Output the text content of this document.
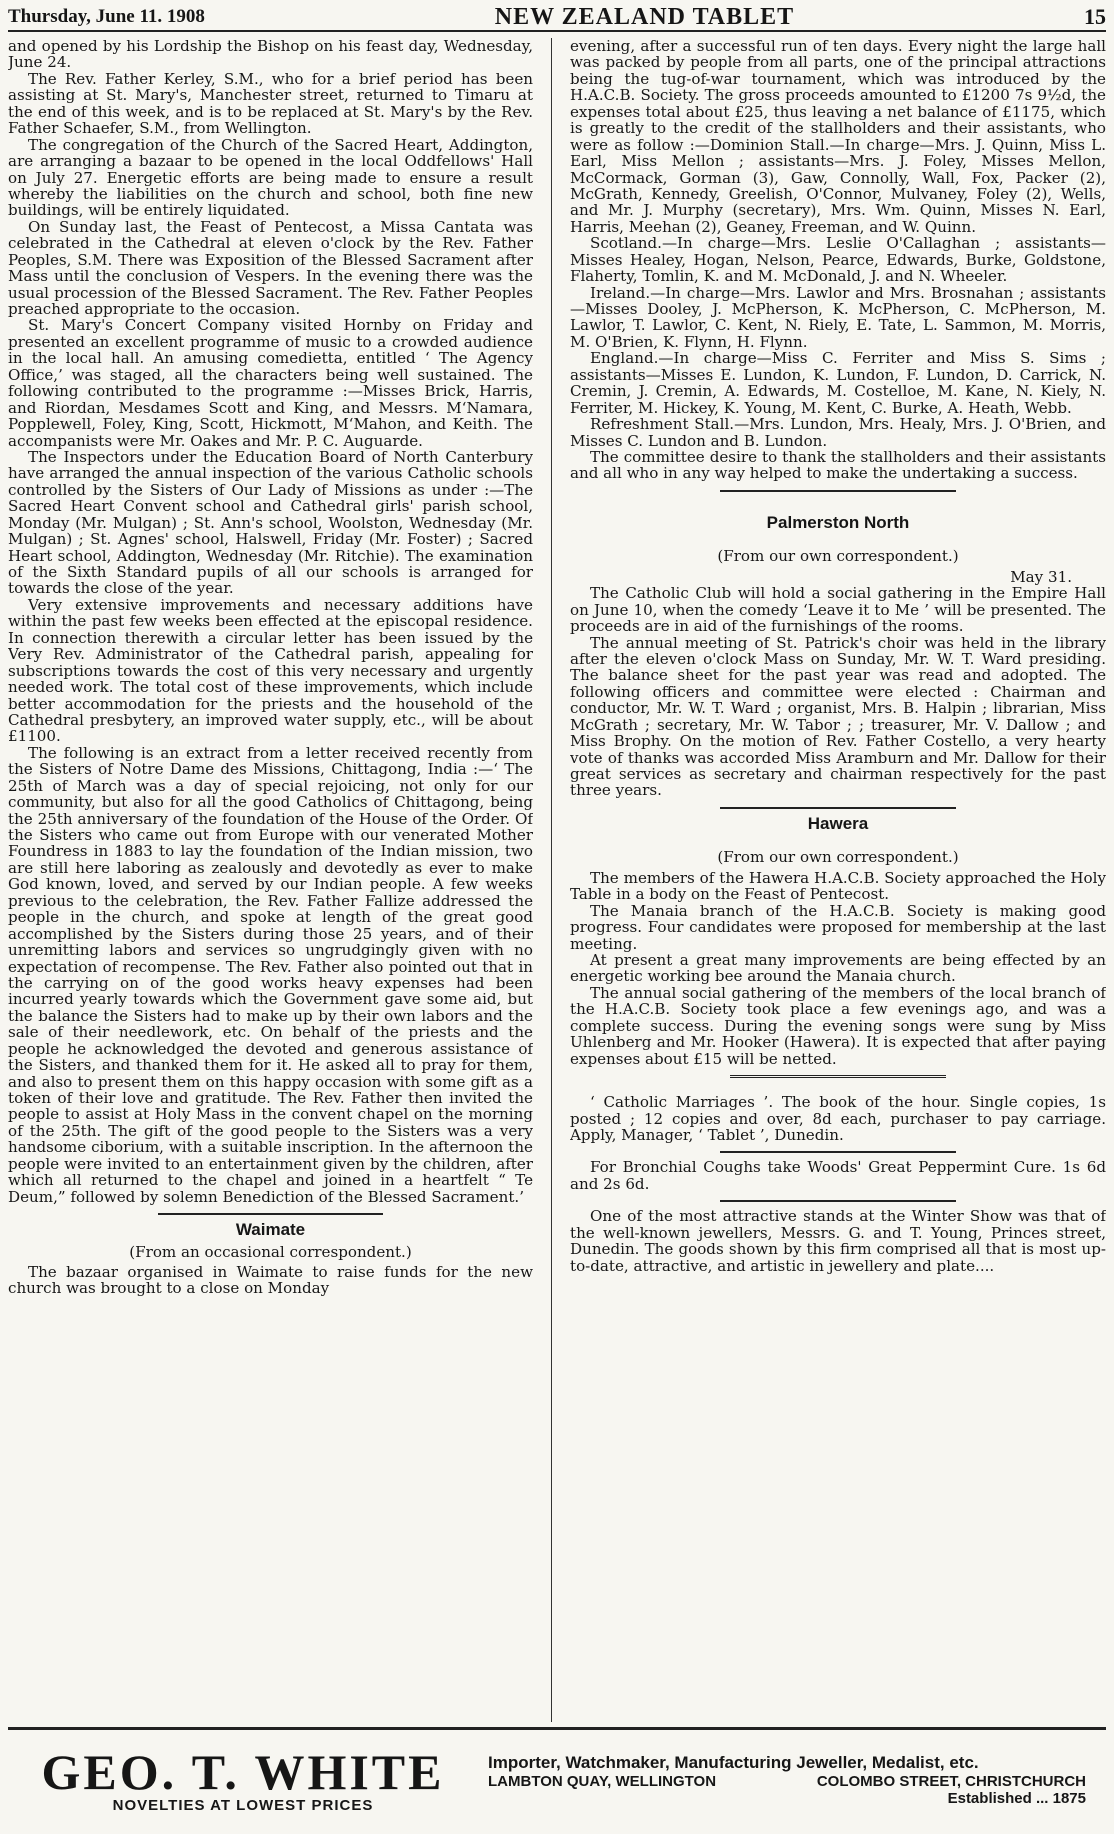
Thursday, June 11. 1908	NEW ZEALAND TABLET	15

and opened by his Lordship the Bishop on his feast day, Wednesday, June 24.

The Rev. Father Kerley, S.M., who for a brief period has been assisting at St. Mary's, Manchester street, returned to Timaru at the end of this week, and is to be replaced at St. Mary's by the Rev. Father Schaefer, S.M., from Wellington.

The congregation of the Church of the Sacred Heart, Addington, are arranging a bazaar to be opened in the local Oddfellows' Hall on July 27. Energetic efforts are being made to ensure a result whereby the liabilities on the church and school, both fine new buildings, will be entirely liquidated.

On Sunday last, the Feast of Pentecost, a Missa Cantata was celebrated in the Cathedral at eleven o'clock by the Rev. Father Peoples, S.M. There was Exposition of the Blessed Sacrament after Mass until the conclusion of Vespers. In the evening there was the usual procession of the Blessed Sacrament. The Rev. Father Peoples preached appropriate to the occasion.

St. Mary's Concert Company visited Hornby on Friday and presented an excellent programme of music to a crowded audience in the local hall. An amusing comedietta, entitled ‘ The Agency Office,’ was staged, all the characters being well sustained. The following contributed to the programme :—Misses Brick, Harris, and Riordan, Mesdames Scott and King, and Messrs. M‘Namara, Popplewell, Foley, King, Scott, Hickmott, M‘Mahon, and Keith. The accompanists were Mr. Oakes and Mr. P. C. Auguarde.

The Inspectors under the Education Board of North Canterbury have arranged the annual inspection of the various Catholic schools controlled by the Sisters of Our Lady of Missions as under :—The Sacred Heart Convent school and Cathedral girls' parish school, Monday (Mr. Mulgan) ; St. Ann's school, Woolston, Wednesday (Mr. Mulgan) ; St. Agnes' school, Halswell, Friday (Mr. Foster) ; Sacred Heart school, Addington, Wednesday (Mr. Ritchie). The examination of the Sixth Standard pupils of all our schools is arranged for towards the close of the year.

Very extensive improvements and necessary additions have within the past few weeks been effected at the episcopal residence. In connection therewith a circular letter has been issued by the Very Rev. Administrator of the Cathedral parish, appealing for subscriptions towards the cost of this very necessary and urgently needed work. The total cost of these improvements, which include better accommodation for the priests and the household of the Cathedral presbytery, an improved water supply, etc., will be about £1100.

The following is an extract from a letter received recently from the Sisters of Notre Dame des Missions, Chittagong, India :—‘ The 25th of March was a day of special rejoicing, not only for our community, but also for all the good Catholics of Chittagong, being the 25th anniversary of the foundation of the House of the Order. Of the Sisters who came out from Europe with our venerated Mother Foundress in 1883 to lay the foundation of the Indian mission, two are still here laboring as zealously and devotedly as ever to make God known, loved, and served by our Indian people. A few weeks previous to the celebration, the Rev. Father Fallize addressed the people in the church, and spoke at length of the great good accomplished by the Sisters during those 25 years, and of their unremitting labors and services so ungrudgingly given with no expectation of recompense. The Rev. Father also pointed out that in the carrying on of the good works heavy expenses had been incurred yearly towards which the Government gave some aid, but the balance the Sisters had to make up by their own labors and the sale of their needlework, etc. On behalf of the priests and the people he acknowledged the devoted and generous assistance of the Sisters, and thanked them for it. He asked all to pray for them, and also to present them on this happy occasion with some gift as a token of their love and gratitude. The Rev. Father then invited the people to assist at Holy Mass in the convent chapel on the morning of the 25th. The gift of the good people to the Sisters was a very handsome ciborium, with a suitable inscription. In the afternoon the people were invited to an entertainment given by the children, after which all returned to the chapel and joined in a heartfelt “ Te Deum,” followed by solemn Benediction of the Blessed Sacrament.’

Waimate
(From an occasional correspondent.)

The bazaar organised in Waimate to raise funds for the new church was brought to a close on Monday

evening, after a successful run of ten days. Every night the large hall was packed by people from all parts, one of the principal attractions being the tug-of-war tournament, which was introduced by the H.A.C.B. Society. The gross proceeds amounted to £1200 7s 9½d, the expenses total about £25, thus leaving a net balance of £1175, which is greatly to the credit of the stallholders and their assistants, who were as follow :—Dominion Stall.—In charge—Mrs. J. Quinn, Miss L. Earl, Miss Mellon ; assistants—Mrs. J. Foley, Misses Mellon, McCormack, Gorman (3), Gaw, Connolly, Wall, Fox, Packer (2), McGrath, Kennedy, Greelish, O'Connor, Mulvaney, Foley (2), Wells, and Mr. J. Murphy (secretary), Mrs. Wm. Quinn, Misses N. Earl, Harris, Meehan (2), Geaney, Freeman, and W. Quinn.

Scotland.—In charge—Mrs. Leslie O'Callaghan ; assistants—Misses Healey, Hogan, Nelson, Pearce, Edwards, Burke, Goldstone, Flaherty, Tomlin, K. and M. McDonald, J. and N. Wheeler.

Ireland.—In charge—Mrs. Lawlor and Mrs. Brosnahan ; assistants—Misses Dooley, J. McPherson, K. McPherson, C. McPherson, M. Lawlor, T. Lawlor, C. Kent, N. Riely, E. Tate, L. Sammon, M. Morris, M. O'Brien, K. Flynn, H. Flynn.

England.—In charge—Miss C. Ferriter and Miss S. Sims ; assistants—Misses E. Lundon, K. Lundon, F. Lundon, D. Carrick, N. Cremin, J. Cremin, A. Edwards, M. Costelloe, M. Kane, N. Kiely, N. Ferriter, M. Hickey, K. Young, M. Kent, C. Burke, A. Heath, Webb.

Refreshment Stall.—Mrs. Lundon, Mrs. Healy, Mrs. J. O'Brien, and Misses C. Lundon and B. Lundon.

The committee desire to thank the stallholders and their assistants and all who in any way helped to make the undertaking a success.

Palmerston North
(From our own correspondent.)
May 31.

The Catholic Club will hold a social gathering in the Empire Hall on June 10, when the comedy ‘Leave it to Me ’ will be presented. The proceeds are in aid of the furnishings of the rooms.

The annual meeting of St. Patrick's choir was held in the library after the eleven o'clock Mass on Sunday, Mr. W. T. Ward presiding. The balance sheet for the past year was read and adopted. The following officers and committee were elected : Chairman and conductor, Mr. W. T. Ward ; organist, Mrs. B. Halpin ; librarian, Miss McGrath ; secretary, Mr. W. Tabor ; ; treasurer, Mr. V. Dallow ; and Miss Brophy. On the motion of Rev. Father Costello, a very hearty vote of thanks was accorded Miss Aramburn and Mr. Dallow for their great services as secretary and chairman respectively for the past three years.

Hawera
(From our own correspondent.)

The members of the Hawera H.A.C.B. Society approached the Holy Table in a body on the Feast of Pentecost.

The Manaia branch of the H.A.C.B. Society is making good progress. Four candidates were proposed for membership at the last meeting.

At present a great many improvements are being effected by an energetic working bee around the Manaia church.

The annual social gathering of the members of the local branch of the H.A.C.B. Society took place a few evenings ago, and was a complete success. During the evening songs were sung by Miss Uhlenberg and Mr. Hooker (Hawera). It is expected that after paying expenses about £15 will be netted.

‘ Catholic Marriages ’. The book of the hour. Single copies, 1s posted ; 12 copies and over, 8d each, purchaser to pay carriage. Apply, Manager, ‘ Tablet ’, Dunedin.

For Bronchial Coughs take Woods' Great Peppermint Cure. 1s 6d and 2s 6d.

One of the most attractive stands at the Winter Show was that of the well-known jewellers, Messrs. G. and T. Young, Princes street, Dunedin. The goods shown by this firm comprised all that is most up-to-date, attractive, and artistic in jewellery and plate....

GEO. T. WHITE
NOVELTIES AT LOWEST PRICES
Importer, Watchmaker, Manufacturing Jeweller, Medalist, etc.
LAMBTON QUAY, WELLINGTON	COLOMBO STREET, CHRISTCHURCH
Established ... 1875
